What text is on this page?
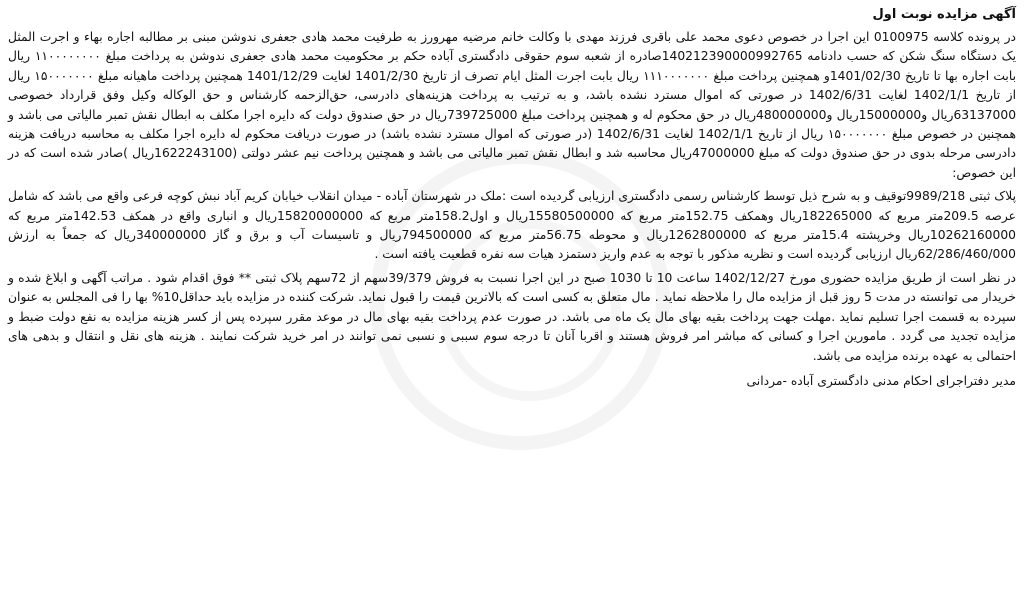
آگهی مزایده نوبت اول

در پرونده کلاسه 0100975 این اجرا در خصوص دعوی محمد علی باقری فرزند مهدی با وکالت خانم مرضیه مهرورز به طرفیت محمد هادی جعفری ندوشن مبنی بر مطالبه اجاره بهاء و اجرت المثل یک دستگاه سنگ شکن که حسب دادنامه 140212390000992765صادره از شعبه سوم حقوقی دادگستری آباده حکم بر محکومیت محمد هادی جعفری ندوشن به پرداخت مبلغ ۱۱۰۰۰۰۰۰۰۰ ریال بابت اجاره بها تا تاریخ 1401/02/30و همچنین پرداخت مبلغ ۱۱۱۰۰۰۰۰۰۰ ریال بابت اجرت المثل ایام تصرف از تاریخ 1401/2/30 لغایت 1401/12/29 همچنین پرداخت ماهیانه مبلغ ۱۵۰۰۰۰۰۰۰ ریال از تاریخ 1402/1/1 لغایت 1402/6/31 در صورتی که اموال مسترد نشده باشد، و به ترتیب به پرداخت هزینه‌های دادرسی، حق‌الزحمه کارشناس و حق الوکاله وکیل وفق قرارداد خصوصی 63137000ریال و15000000ریال و480000000ریال در حق محکوم له و همچنین پرداخت مبلغ 739725000ریال در حق صندوق دولت که دایره اجرا مکلف به ابطال نقش تمبر مالیاتی می باشد و همچنین در خصوص مبلغ ۱۵۰۰۰۰۰۰۰ ریال از تاریخ 1402/1/1 لغایت 1402/6/31 (در صورتی که اموال مسترد نشده باشد) در صورت دریافت محکوم له دایره اجرا مکلف به محاسبه دریافت هزینه دادرسی مرحله بدوی در حق صندوق دولت که مبلغ 47000000ریال محاسبه شد و ابطال نقش تمبر مالیاتی می باشد و همچنین پرداخت نیم عشر دولتی (1622243100ریال )صادر شده است که در این خصوص:

پلاک ثبتی 9989/218توقیف و به شرح ذیل توسط کارشناس رسمی دادگستری ارزیابی گردیده است :ملک در شهرستان آباده - میدان انقلاب خیابان کریم آباد نبش کوچه فرعی واقع می باشد که شامل عرصه 209.5متر مربع که 182265000ریال وهمکف 152.75متر مربع که 15580500000ریال و اول158.2متر مربع که 15820000000ریال و انباری واقع در همکف 142.53متر مربع که 10262160000ریال وخرپشته 15.4متر مربع که 1262800000ریال و محوطه 56.75متر مربع که 794500000ریال و تاسیسات آب و برق و گاز 340000000ریال که جمعاً به ارزش 62/286/460/000ریال ارزیابی گردیده است و نظریه مذکور با توجه به عدم واریز دستمزد هیات سه نفره قطعیت یافته است .

در نظر است از طریق مزایده حضوری مورخ 1402/12/27 ساعت 10 تا 1030 صبح در این اجرا نسبت به فروش 39/379سهم از 72سهم پلاک ثبتی ** فوق اقدام شود . مراتب آگهی و ابلاغ شده و خریدار می توانسته در مدت 5 روز قبل از مزایده مال را ملاحظه نماید . مال متعلق به کسی است که بالاترین قیمت را قبول نماید. شرکت کننده در مزایده باید حداقل10% بها را فی المجلس به عنوان سپرده به قسمت اجرا تسلیم نماید .مهلت جهت پرداخت بقیه بهای مال یک ماه می باشد. در صورت عدم پرداخت بقیه بهای مال در موعد مقرر سپرده پس از کسر هزینه مزایده به نفع دولت ضبط و مزایده تجدید می گردد . مامورین اجرا و کسانی که مباشر امر فروش هستند و اقربا آنان تا درجه سوم سببی و نسبی نمی توانند در امر خرید شرکت نمایند . هزینه های نقل و انتقال و بدهی های احتمالی به عهده برنده مزایده می باشد.

مدیر دفتراجرای احکام مدنی دادگستری آباده -مردانی
